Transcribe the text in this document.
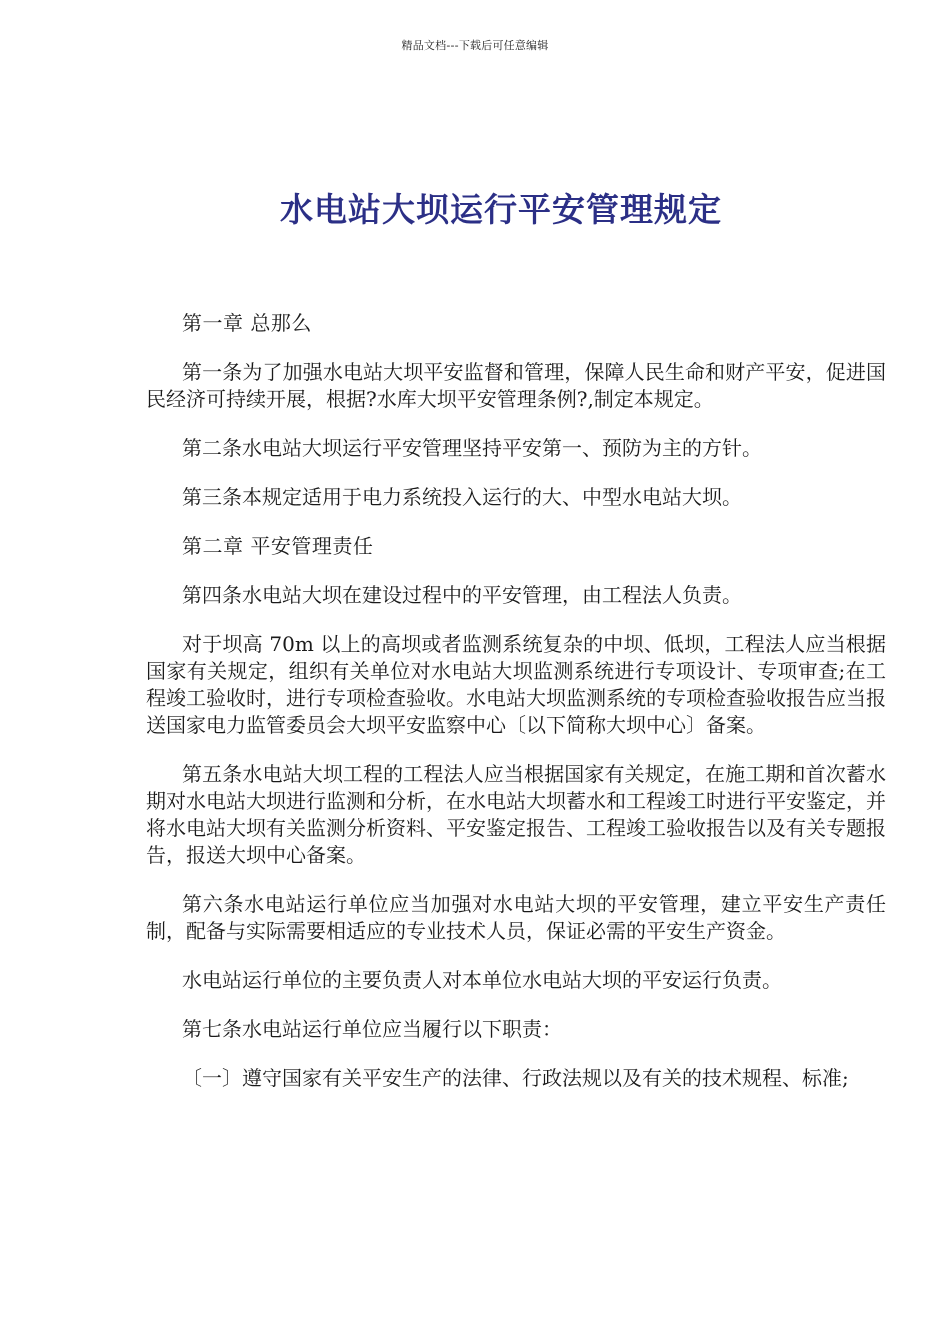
精品文档---下载后可任意编辑
水电站大坝运行平安管理规定

第一章 总那么

第一条为了加强水电站大坝平安监督和管理，保障人民生命和财产平安，促进国民经济可持续开展，根据?水库大坝平安管理条例?,制定本规定。

第二条水电站大坝运行平安管理坚持平安第一、预防为主的方针。

第三条本规定适用于电力系统投入运行的大、中型水电站大坝。

第二章 平安管理责任

第四条水电站大坝在建设过程中的平安管理，由工程法人负责。

对于坝高 70m 以上的高坝或者监测系统复杂的中坝、低坝，工程法人应当根据国家有关规定，组织有关单位对水电站大坝监测系统进行专项设计、专项审查;在工程竣工验收时，进行专项检查验收。水电站大坝监测系统的专项检查验收报告应当报送国家电力监管委员会大坝平安监察中心〔以下简称大坝中心〕备案。

第五条水电站大坝工程的工程法人应当根据国家有关规定，在施工期和首次蓄水期对水电站大坝进行监测和分析，在水电站大坝蓄水和工程竣工时进行平安鉴定，并将水电站大坝有关监测分析资料、平安鉴定报告、工程竣工验收报告以及有关专题报告，报送大坝中心备案。

第六条水电站运行单位应当加强对水电站大坝的平安管理，建立平安生产责任制，配备与实际需要相适应的专业技术人员，保证必需的平安生产资金。

水电站运行单位的主要负责人对本单位水电站大坝的平安运行负责。

第七条水电站运行单位应当履行以下职责：

〔一〕遵守国家有关平安生产的法律、行政法规以及有关的技术规程、标准;
